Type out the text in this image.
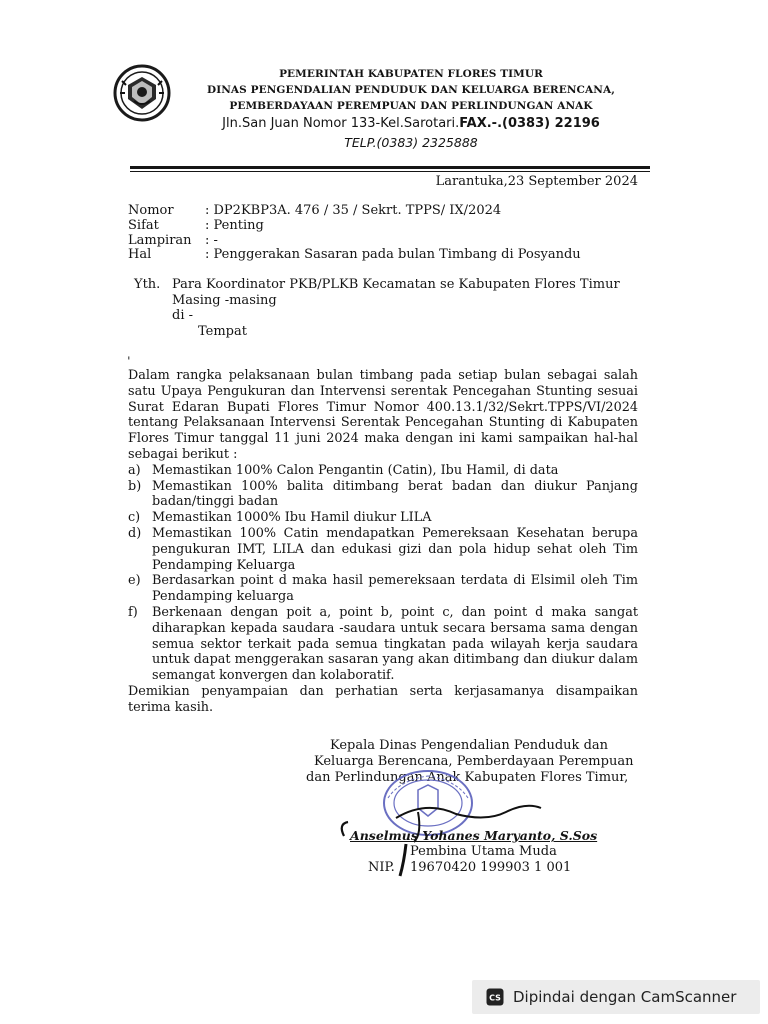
PEMERINTAH KABUPATEN FLORES TIMUR
DINAS PENGENDALIAN PENDUDUK DAN KELUARGA BERENCANA,
PEMBERDAYAAN PEREMPUAN DAN PERLINDUNGAN ANAK
Jln.San Juan Nomor 133-Kel.Sarotari.FAX.-.(0383) 22196
TELP.(0383) 2325888
Larantuka,23 September 2024
Nomor	: DP2KBP3A. 476 / 35 / Sekrt. TPPS/ IX/2024
Sifat	: Penting
Lampiran	: -
Hal	: Penggerakan Sasaran pada bulan Timbang di Posyandu
Yth. Para Koordinator PKB/PLKB Kecamatan se Kabupaten Flores Timur
Masing -masing
di -
Tempat
ˌ

Dalam rangka pelaksanaan bulan timbang pada setiap bulan sebagai salah satu Upaya Pengukuran dan Intervensi serentak Pencegahan Stunting sesuai Surat Edaran Bupati Flores Timur Nomor 400.13.1/32/Sekrt.TPPS/VI/2024 tentang Pelaksanaan Intervensi Serentak Pencegahan Stunting di Kabupaten Flores Timur tanggal 11 juni 2024 maka dengan ini kami sampaikan hal-hal sebagai berikut :

a) Memastikan 100% Calon Pengantin (Catin), Ibu Hamil, di data
b) Memastikan 100% balita ditimbang berat badan dan diukur Panjang badan/tinggi badan
c) Memastikan 1000% Ibu Hamil diukur LILA
d) Memastikan 100% Catin mendapatkan Pemereksaan Kesehatan berupa pengukuran IMT, LILA dan edukasi gizi dan pola hidup sehat oleh Tim Pendamping Keluarga
e) Berdasarkan point d maka hasil pemereksaan terdata di Elsimil oleh Tim Pendamping keluarga
f)	Berkenaan dengan poit a, point b, point c, dan point d maka sangat diharapkan kepada saudara -saudara untuk secara bersama sama dengan semua sektor terkait pada semua tingkatan pada wilayah kerja saudara untuk dapat menggerakan sasaran yang akan ditimbang dan diukur dalam semangat konvergen dan kolaboratif.

Demikian penyampaian dan perhatian serta kerjasamanya disampaikan terima kasih.

Kepala Dinas Pengendalian Penduduk dan
Keluarga Berencana, Pemberdayaan Perempuan
dan Perlindungan Anak Kabupaten Flores Timur,
Anselmus Yohanes Maryanto, S.Sos
Pembina Utama Muda
NIP. 19670420 199903 1 001
CS Dipindai dengan CamScanner
